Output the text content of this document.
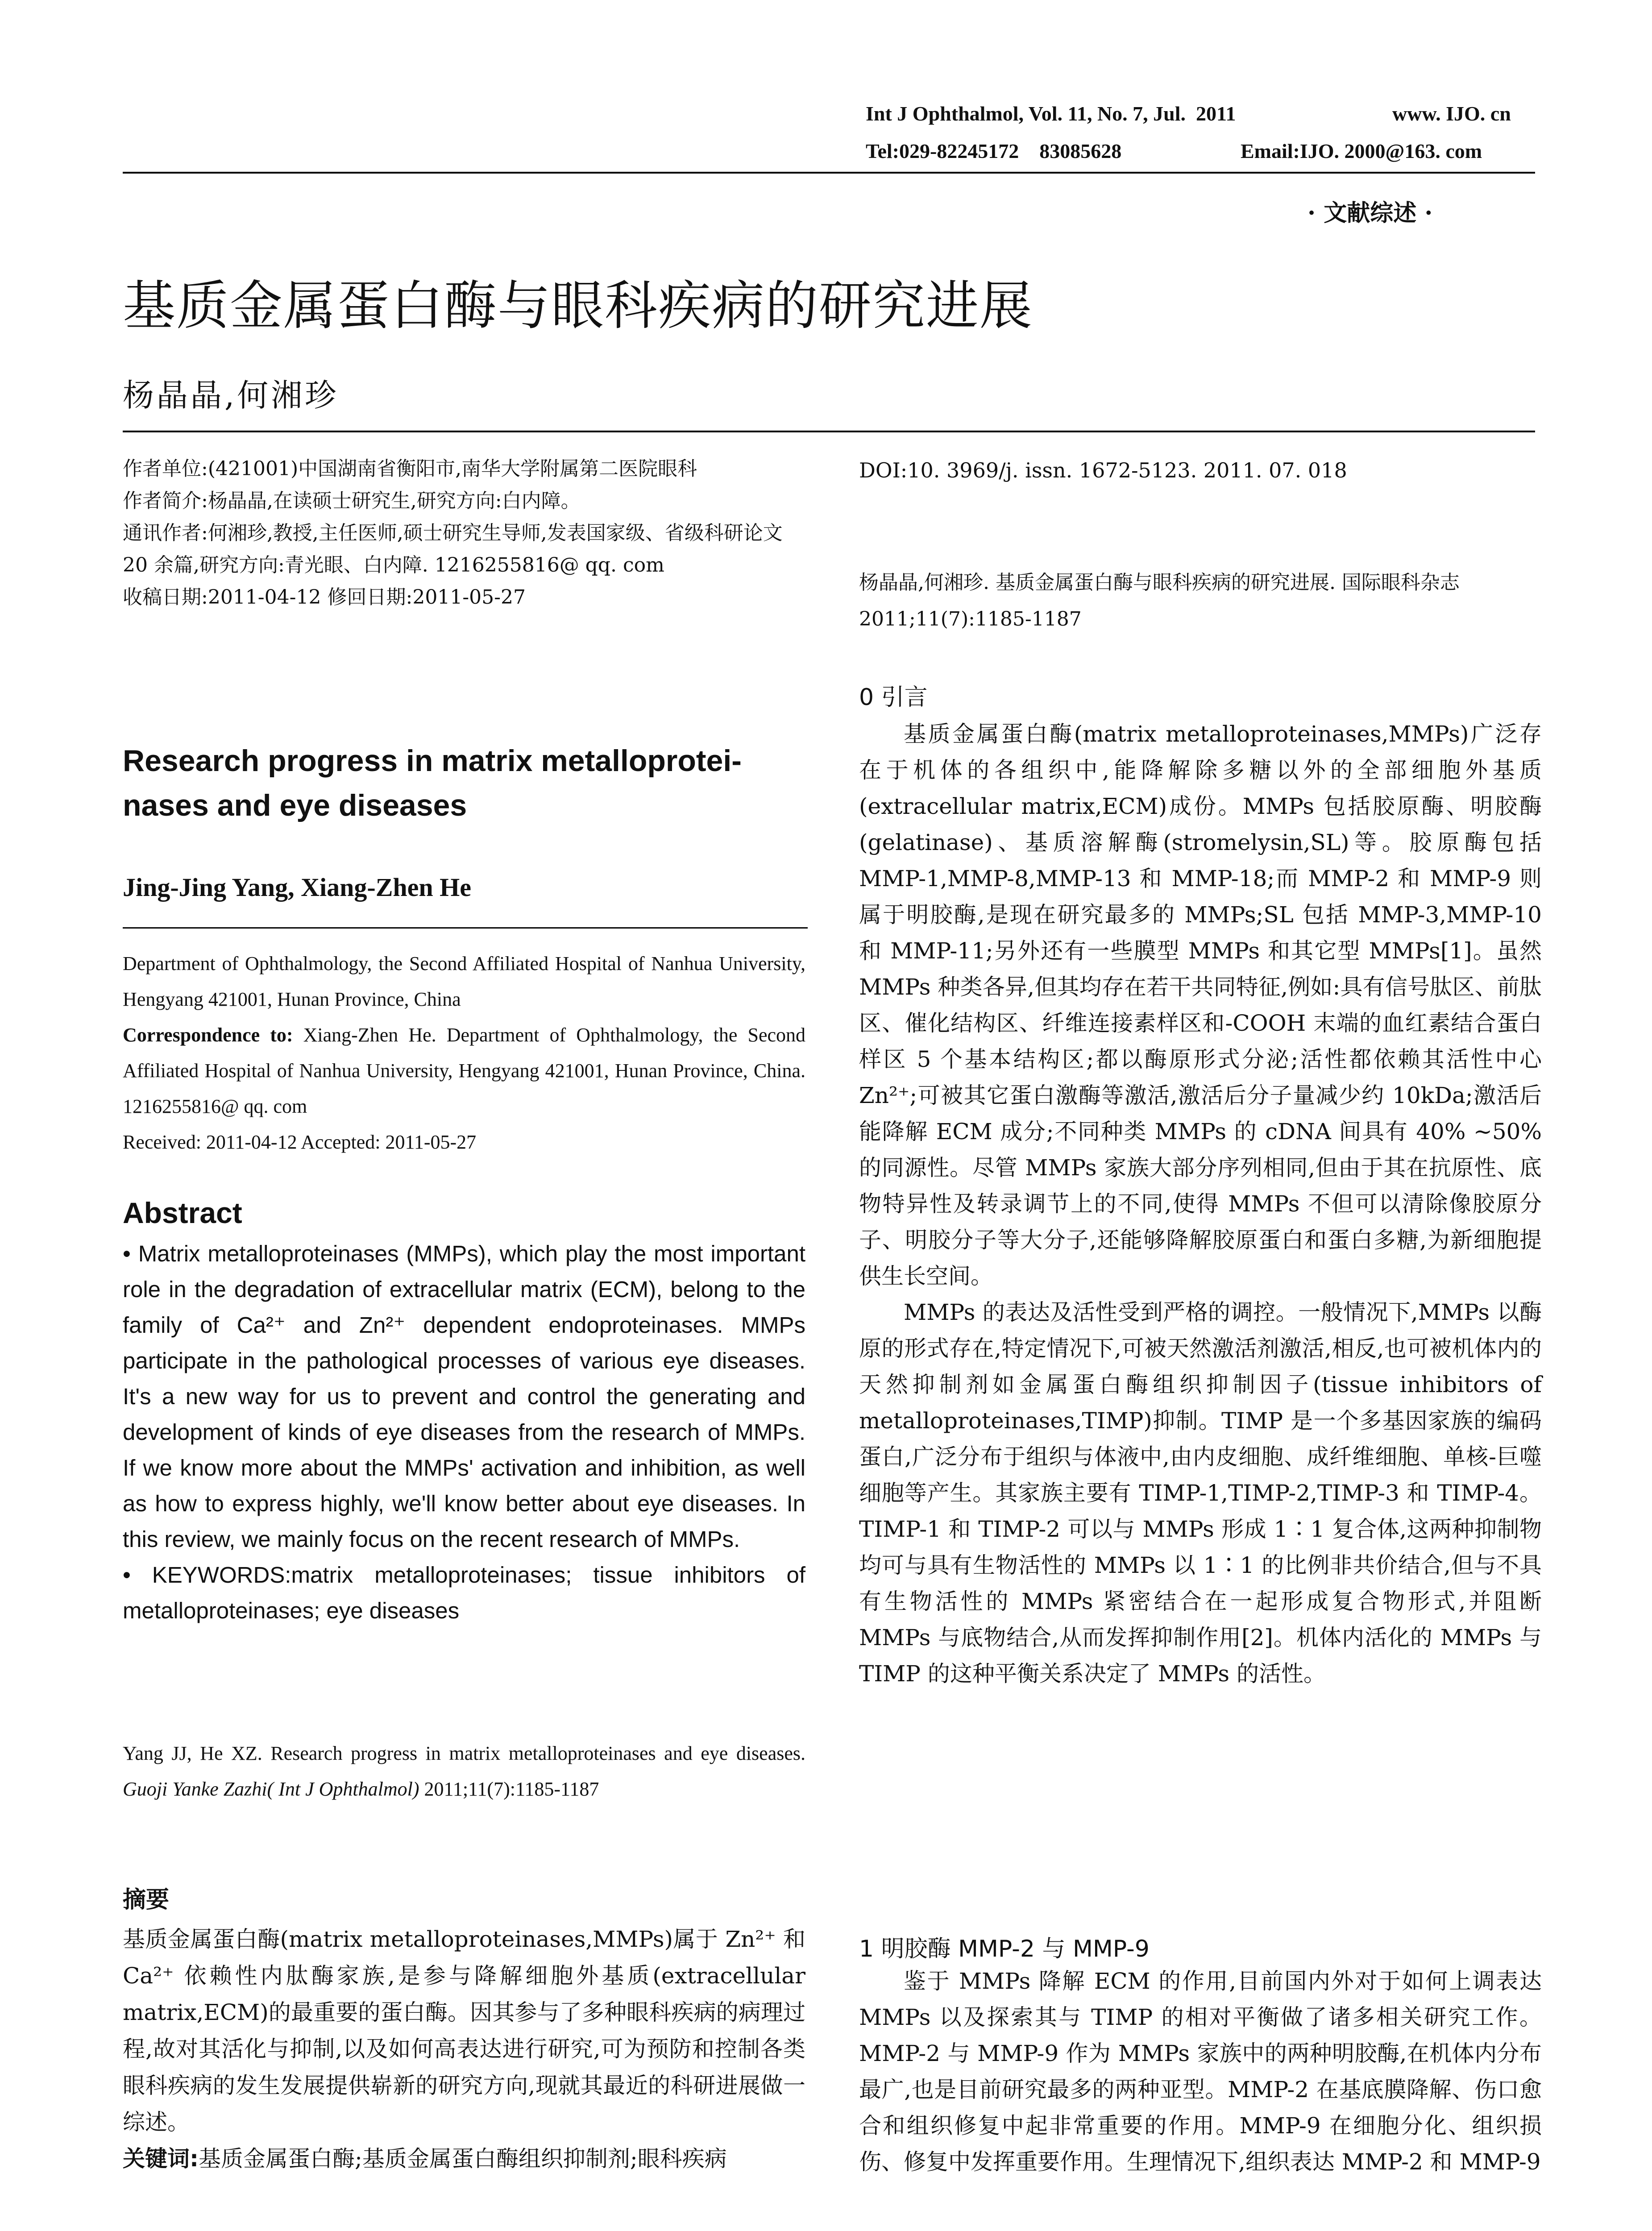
Int J Ophthalmol, Vol. 11, No. 7, Jul.  2011	www. IJO. cn
Tel:029-82245172    83085628	Email:IJO. 2000@163. com
· 文献综述 ·
基质金属蛋白酶与眼科疾病的研究进展
杨晶晶,何湘珍

作者单位:(421001)中国湖南省衡阳市,南华大学附属第二医院眼科

作者简介:杨晶晶,在读硕士研究生,研究方向:白内障。

通讯作者:何湘珍,教授,主任医师,硕士研究生导师,发表国家级、省级科研论文 20 余篇,研究方向:青光眼、白内障. 1216255816@ qq. com

收稿日期:2011-04-12 修回日期:2011-05-27

Research progress in matrix metalloprotei-nases and eye diseases
Jing-Jing Yang, Xiang-Zhen He

Department of Ophthalmology, the Second Affiliated Hospital of Nanhua University, Hengyang 421001, Hunan Province, China

Correspondence to: Xiang-Zhen He. Department of Ophthalmology, the Second Affiliated Hospital of Nanhua University, Hengyang 421001, Hunan Province, China. 1216255816@ qq. com

Received: 2011-04-12 Accepted: 2011-05-27

Abstract

• Matrix metalloproteinases (MMPs), which play the most important role in the degradation of extracellular matrix (ECM), belong to the family of Ca²⁺ and Zn²⁺ dependent endoproteinases. MMPs participate in the pathological processes of various eye diseases. It's a new way for us to prevent and control the generating and development of kinds of eye diseases from the research of MMPs. If we know more about the MMPs' activation and inhibition, as well as how to express highly, we'll know better about eye diseases. In this review, we mainly focus on the recent research of MMPs.

• KEYWORDS:matrix metalloproteinases; tissue inhibitors of metalloproteinases; eye diseases

Yang JJ, He XZ. Research progress in matrix metalloproteinases and eye diseases. Guoji Yanke Zazhi( Int J Ophthalmol) 2011;11(7):1185-1187
摘要

基质金属蛋白酶(matrix metalloproteinases,MMPs)属于 Zn²⁺ 和 Ca²⁺ 依赖性内肽酶家族,是参与降解细胞外基质(extracellular matrix,ECM)的最重要的蛋白酶。因其参与了多种眼科疾病的病理过程,故对其活化与抑制,以及如何高表达进行研究,可为预防和控制各类眼科疾病的发生发展提供崭新的研究方向,现就其最近的科研进展做一综述。

关键词:基质金属蛋白酶;基质金属蛋白酶组织抑制剂;眼科疾病

DOI:10. 3969/j. issn. 1672-5123. 2011. 07. 018

杨晶晶,何湘珍. 基质金属蛋白酶与眼科疾病的研究进展. 国际眼科杂志 2011;11(7):1185-1187
0 引言

基质金属蛋白酶(matrix metalloproteinases,MMPs)广泛存在于机体的各组织中,能降解除多糖以外的全部细胞外基质(extracellular matrix,ECM)成份。MMPs 包括胶原酶、明胶酶(gelatinase)、基质溶解酶(stromelysin,SL)等。胶原酶包括 MMP-1,MMP-8,MMP-13 和 MMP-18;而 MMP-2 和 MMP-9 则属于明胶酶,是现在研究最多的 MMPs;SL 包括 MMP-3,MMP-10 和 MMP-11;另外还有一些膜型 MMPs 和其它型 MMPs[1]。虽然 MMPs 种类各异,但其均存在若干共同特征,例如:具有信号肽区、前肽区、催化结构区、纤维连接素样区和-COOH 末端的血红素结合蛋白样区 5 个基本结构区;都以酶原形式分泌;活性都依赖其活性中心 Zn²⁺;可被其它蛋白激酶等激活,激活后分子量减少约 10kDa;激活后能降解 ECM 成分;不同种类 MMPs 的 cDNA 间具有 40% ~50% 的同源性。尽管 MMPs 家族大部分序列相同,但由于其在抗原性、底物特异性及转录调节上的不同,使得 MMPs 不但可以清除像胶原分子、明胶分子等大分子,还能够降解胶原蛋白和蛋白多糖,为新细胞提供生长空间。

MMPs 的表达及活性受到严格的调控。一般情况下,MMPs 以酶原的形式存在,特定情况下,可被天然激活剂激活,相反,也可被机体内的天然抑制剂如金属蛋白酶组织抑制因子(tissue inhibitors of metalloproteinases,TIMP)抑制。TIMP 是一个多基因家族的编码蛋白,广泛分布于组织与体液中,由内皮细胞、成纤维细胞、单核-巨噬细胞等产生。其家族主要有 TIMP-1,TIMP-2,TIMP-3 和 TIMP-4。TIMP-1 和 TIMP-2 可以与 MMPs 形成 1∶1 复合体,这两种抑制物均可与具有生物活性的 MMPs 以 1∶1 的比例非共价结合,但与不具有生物活性的 MMPs 紧密结合在一起形成复合物形式,并阻断 MMPs 与底物结合,从而发挥抑制作用[2]。机体内活化的 MMPs 与 TIMP 的这种平衡关系决定了 MMPs 的活性。

1 明胶酶 MMP-2 与 MMP-9

鉴于 MMPs 降解 ECM 的作用,目前国内外对于如何上调表达 MMPs 以及探索其与 TIMP 的相对平衡做了诸多相关研究工作。MMP-2 与 MMP-9 作为 MMPs 家族中的两种明胶酶,在机体内分布最广,也是目前研究最多的两种亚型。MMP-2 在基底膜降解、伤口愈合和组织修复中起非常重要的作用。MMP-9 在细胞分化、组织损伤、修复中发挥重要作用。生理情况下,组织表达 MMP-2 和 MMP-9
